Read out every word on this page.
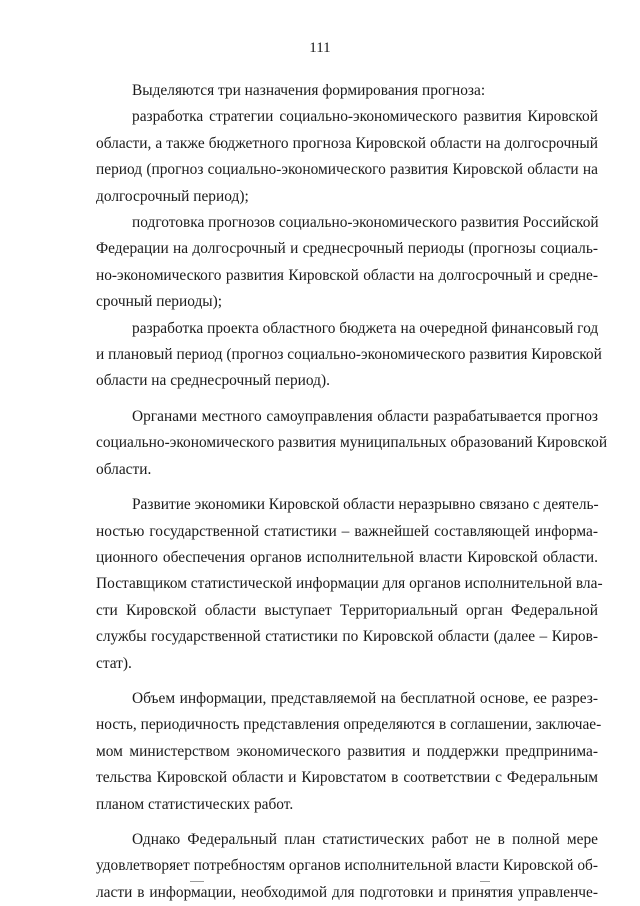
111
Выделяются три назначения формирования прогноза:
разработка стратегии социально-экономического развития Кировской
области, а также бюджетного прогноза Кировской области на долгосрочный
период (прогноз социально-экономического развития Кировской области на
долгосрочный период);
подготовка прогнозов социально-экономического развития Российской
Федерации на долгосрочный и среднесрочный периоды (прогнозы социаль-
но-экономического развития Кировской области на долгосрочный и средне-
срочный периоды);
разработка проекта областного бюджета на очередной финансовый год
и плановый период (прогноз социально-экономического развития Кировской
области на среднесрочный период).
Органами местного самоуправления области разрабатывается прогноз
социально-экономического развития муниципальных образований Кировской
области.
Развитие экономики Кировской области неразрывно связано с деятель-
ностью государственной статистики – важнейшей составляющей информа-
ционного обеспечения органов исполнительной власти Кировской области.
Поставщиком статистической информации для органов исполнительной вла-
сти Кировской области выступает Территориальный орган Федеральной
службы государственной статистики по Кировской области (далее – Киров-
стат).
Объем информации, представляемой на бесплатной основе, ее разрез-
ность, периодичность представления определяются в соглашении, заключае-
мом министерством экономического развития и поддержки предпринима-
тельства Кировской области и Кировстатом в соответствии с Федеральным
планом статистических работ.
Однако Федеральный план статистических работ не в полной мере
удовлетворяет потребностям органов исполнительной власти Кировской об-
ласти в информации, необходимой для подготовки и принятия управленче-
